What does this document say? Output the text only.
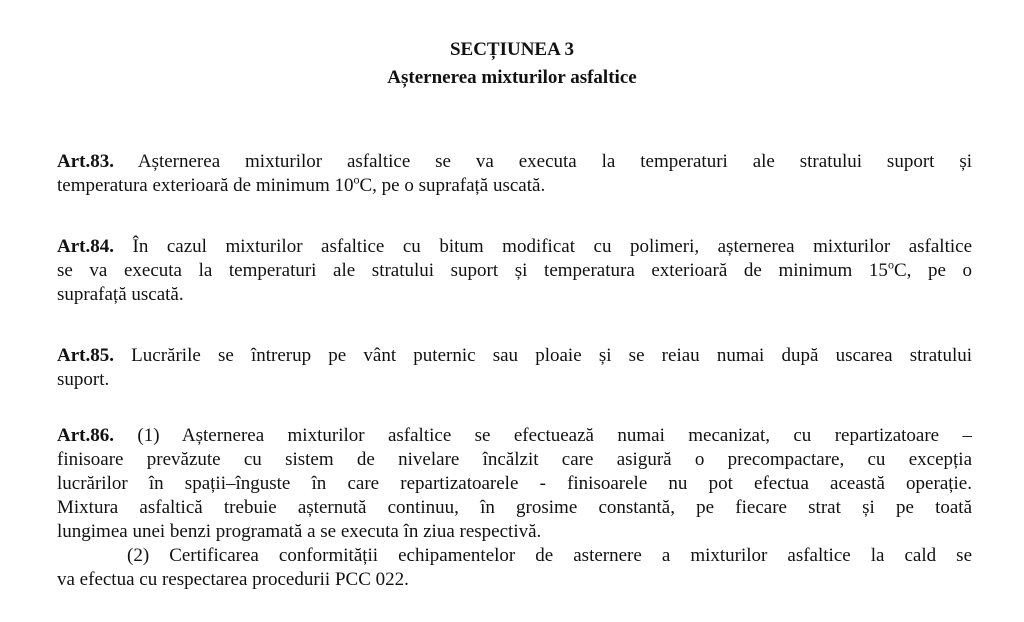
SECȚIUNEA 3
Așternerea mixturilor asfaltice
Art.83. Așternerea mixturilor asfaltice se va executa la temperaturi ale stratului suport și
temperatura exterioară de minimum 10$^o$C, pe o suprafață uscată.
Art.84. În cazul mixturilor asfaltice cu bitum modificat cu polimeri, așternerea mixturilor asfaltice
se va executa la temperaturi ale stratului suport și temperatura exterioară de minimum 15$^o$C, pe o
suprafață uscată.
Art.85. Lucrările se întrerup pe vânt puternic sau ploaie și se reiau numai după uscarea stratului
suport.
Art.86. (1) Așternerea mixturilor asfaltice se efectuează numai mecanizat, cu repartizatoare –
finisoare prevăzute cu sistem de nivelare încălzit care asigură o precompactare, cu excepția
lucrărilor în spații–înguste în care repartizatoarele - finisoarele nu pot efectua această operație.
Mixtura asfaltică trebuie așternută continuu, în grosime constantă, pe fiecare strat și pe toată
lungimea unei benzi programată a se executa în ziua respectivă.
(2) Certificarea conformității echipamentelor de asternere a mixturilor asfaltice la cald se
va efectua cu respectarea procedurii PCC 022.
